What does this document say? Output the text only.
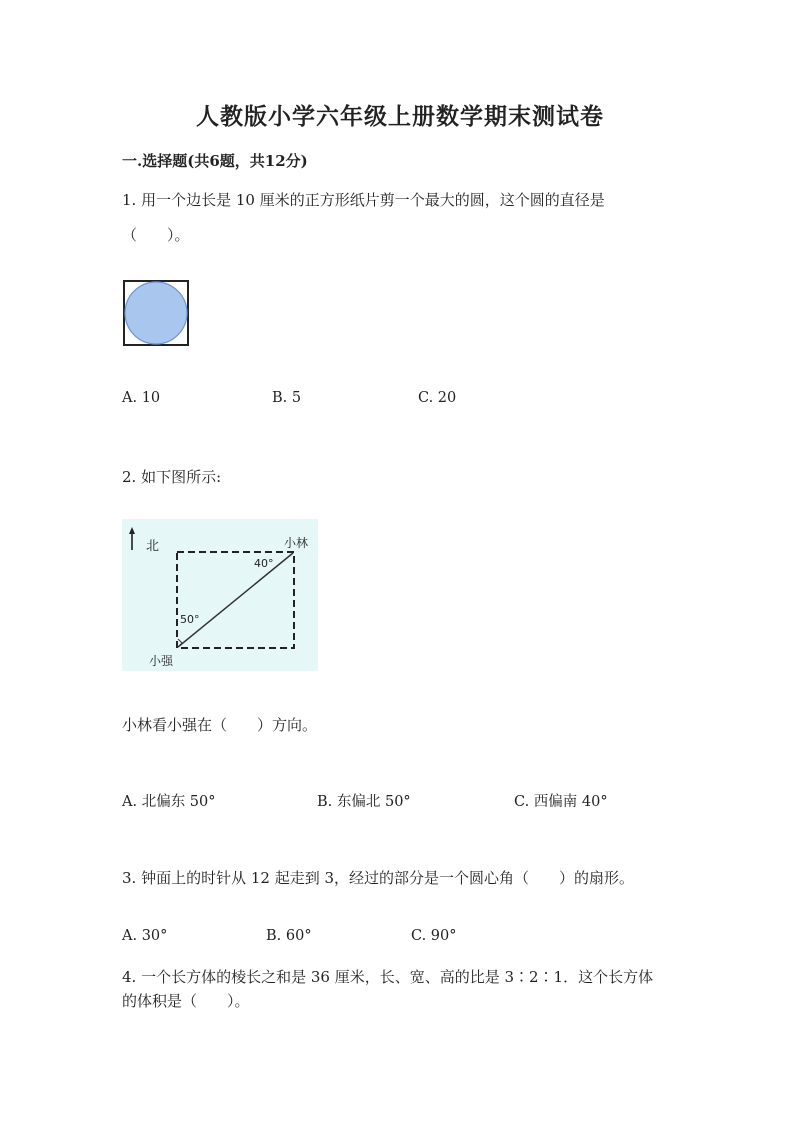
人教版小学六年级上册数学期末测试卷
一.选择题(共6题，共12分)
1. 用一个边长是 10 厘米的正方形纸片剪一个最大的圆，这个圆的直径是
（　　）。
A. 10	B. 5	C. 20
2. 如下图所示:
北	小林
40°
50°
小强
小林看小强在（　　）方向。
A. 北偏东 50°	B. 东偏北 50°	C. 西偏南 40°
3. 钟面上的时针从 12 起走到 3，经过的部分是一个圆心角（　　）的扇形。
A. 30°	B. 60°	C. 90°
4. 一个长方体的棱长之和是 36 厘米，长、宽、高的比是 3∶2∶1．这个长方体
的体积是（　　）。
